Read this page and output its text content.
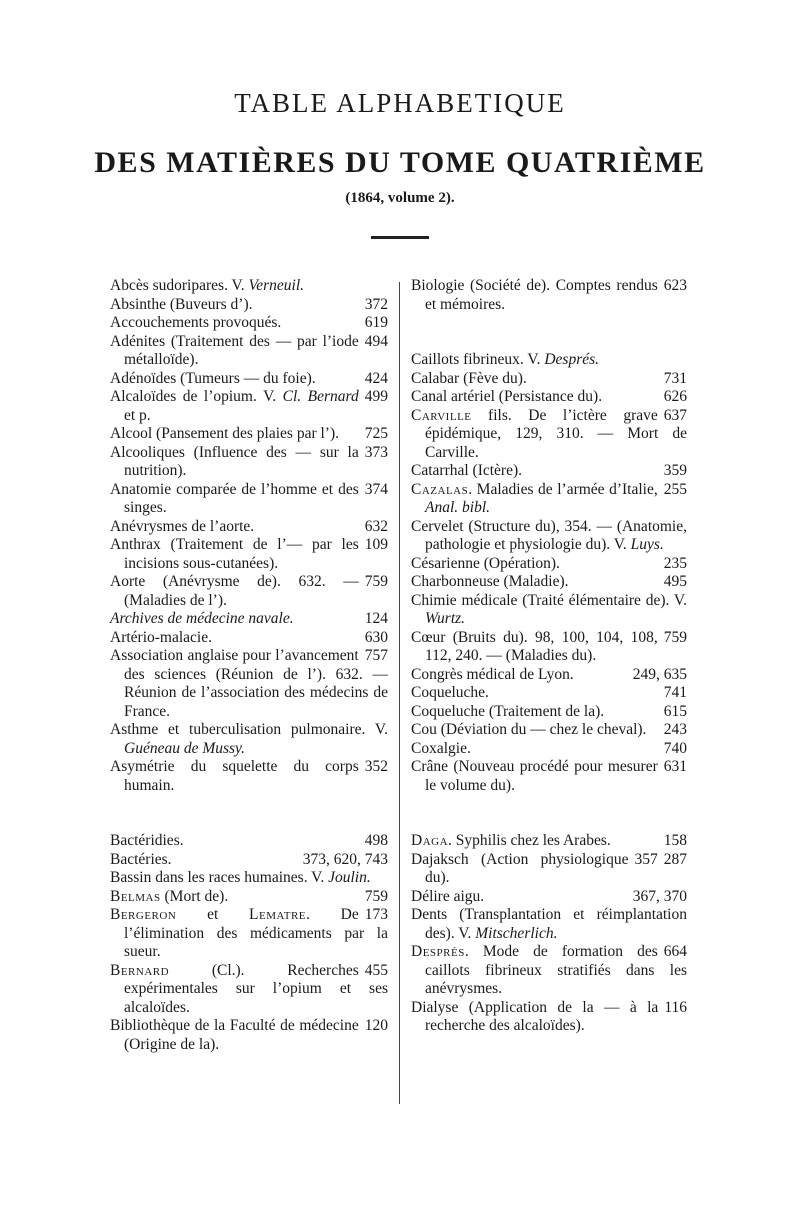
TABLE ALPHABETIQUE
DES MATIÈRES DU TOME QUATRIÈME
(1864, volume 2).
Abcès sudoripares. V. Verneuil.
372
Absinthe (Buveurs d’).
619
Accouchements provoqués.
494
Adénites (Traitement des — par l’iode métalloïde).
424
Adénoïdes (Tumeurs — du foie).
499
Alcaloïdes de l’opium. V. Cl. Bernard et p.
725
Alcool (Pansement des plaies par l’).
373
Alcooliques (Influence des — sur la nutrition).
374
Anatomie comparée de l’homme et des singes.
632
Anévrysmes de l’aorte.
109
Anthrax (Traitement de l’— par les incisions sous-cutanées).
759
Aorte (Anévrysme de). 632. — (Maladies de l’).
124
Archives de médecine navale.
630
Artério-malacie.
757
Association anglaise pour l’avancement des sciences (Réunion de l’). 632. — Réunion de l’association des médecins de France.
Asthme et tuberculisation pulmonaire. V. Guéneau de Mussy.
352
Asymétrie du squelette du corps humain.
498
Bactéridies.
373, 620, 743
Bactéries.
Bassin dans les races humaines. V. Joulin.
759
Belmas (Mort de).
173
Bergeron et Lematre. De l’élimination des médicaments par la sueur.
455
Bernard (Cl.). Recherches expérimentales sur l’opium et ses alcaloïdes.
120
Bibliothèque de la Faculté de médecine (Origine de la).
623
Biologie (Société de). Comptes rendus et mémoires.
Caillots fibrineux. V. Després.
731
Calabar (Fève du).
626
Canal artériel (Persistance du).
637
Carville fils. De l’ictère grave épidémique, 129, 310. — Mort de Carville.
359
Catarrhal (Ictère).
255
Cazalas. Maladies de l’armée d’Italie, Anal. bibl.
Cervelet (Structure du), 354. — (Anatomie, pathologie et physiologie du). V. Luys.
235
Césarienne (Opération).
495
Charbonneuse (Maladie).
Chimie médicale (Traité élémentaire de). V. Wurtz.
759
Cœur (Bruits du). 98, 100, 104, 108, 112, 240. — (Maladies du).
249, 635
Congrès médical de Lyon.
741
Coqueluche.
615
Coqueluche (Traitement de la).
243
Cou (Déviation du — chez le cheval).
740
Coxalgie.
631
Crâne (Nouveau procédé pour mesurer le volume du).
158
Daga. Syphilis chez les Arabes.
287
357
Dajaksch (Action physiologique du).
367, 370
Délire aigu.
Dents (Transplantation et réimplantation des). V. Mitscherlich.
664
Després. Mode de formation des caillots fibrineux stratifiés dans les anévrysmes.
116
Dialyse (Application de la — à la recherche des alcaloïdes).
